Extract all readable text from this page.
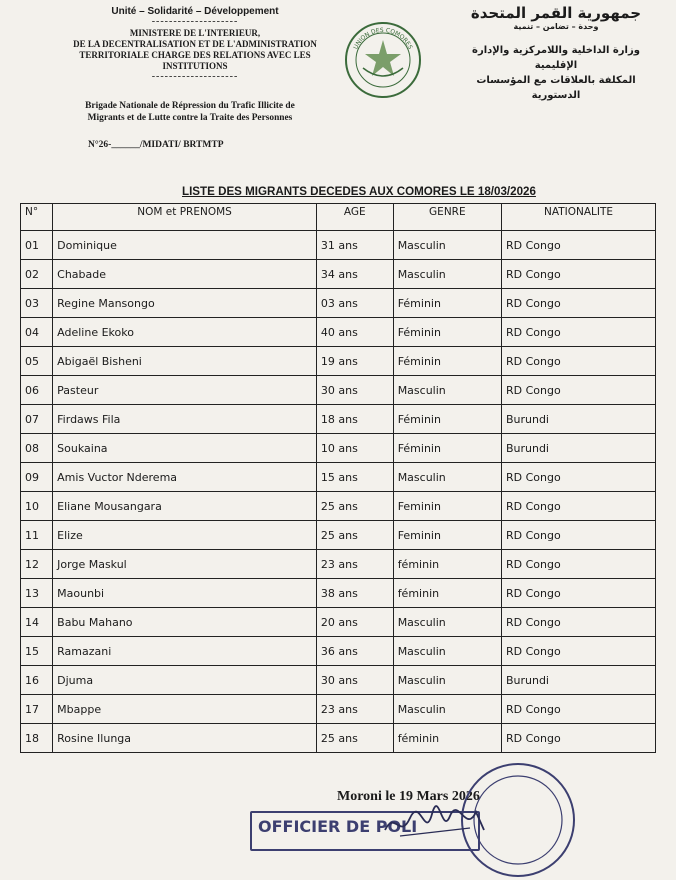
Unité – Solidarité – Développement
--------------------
MINISTERE DE L'INTERIEUR,
DE LA DECENTRALISATION ET DE L'ADMINISTRATION
TERRITORIALE CHARGE DES RELATIONS AVEC LES
INSTITUTIONS
--------------------
Brigade Nationale de Répression du Trafic Illicite de
Migrants et de Lutte contre la Traite des Personnes
N°26-______/MIDATI/ BRTMTP
UNION DES COMORES
جمهورية القمر المتحدة
وحدة – تضامن – تنمية
وزارة الداخلية واللامركزية والإدارة
الإقليمية
المكلفة بالعلاقات مع المؤسسات
الدستورية
LISTE DES MIGRANTS DECEDES AUX COMORES LE 18/03/2026
N°	NOM et PRENOMS	AGE	GENRE	NATIONALITE
01	Dominique	31 ans	Masculin	RD Congo
02	Chabade	34 ans	Masculin	RD Congo
03	Regine Mansongo	03 ans	Féminin	RD Congo
04	Adeline Ekoko	40 ans	Féminin	RD Congo
05	Abigaël Bisheni	19 ans	Féminin	RD Congo
06	Pasteur	30 ans	Masculin	RD Congo
07	Firdaws Fila	18 ans	Féminin	Burundi
08	Soukaina	10 ans	Féminin	Burundi
09	Amis Vuctor Nderema	15 ans	Masculin	RD Congo
10	Eliane Mousangara	25 ans	Feminin	RD Congo
11	Elize	25 ans	Feminin	RD Congo
12	Jorge Maskul	23 ans	féminin	RD Congo
13	Maounbi	38 ans	féminin	RD Congo
14	Babu Mahano	20 ans	Masculin	RD Congo
15	Ramazani	36 ans	Masculin	RD Congo
16	Djuma	30 ans	Masculin	Burundi
17	Mbappe	23 ans	Masculin	RD Congo
18	Rosine Ilunga	25 ans	féminin	RD Congo
Moroni le 19 Mars 2026
OFFICIER DE POLI
